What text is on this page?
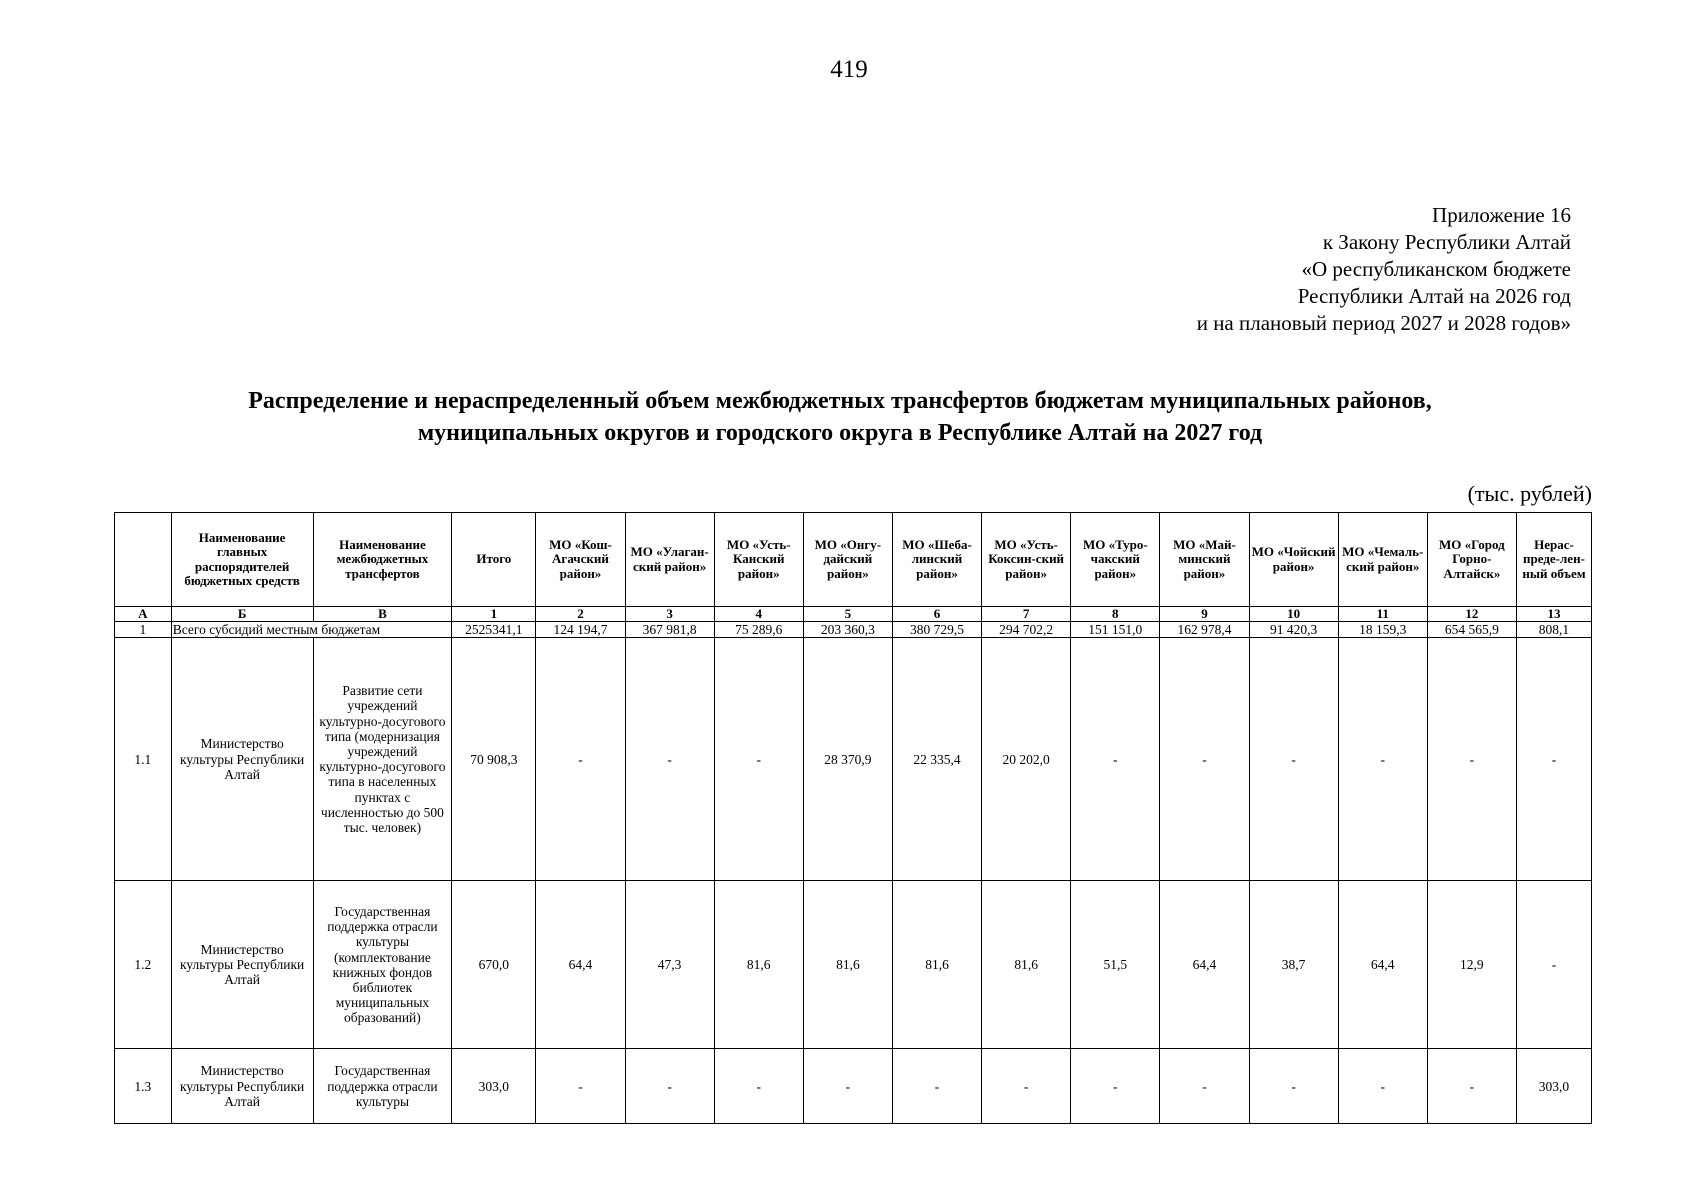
419
Приложение 16
к Закону Республики Алтай
«О республиканском бюджете
Республики Алтай на 2026 год
и на плановый период 2027 и 2028 годов»
Распределение и нераспределенный объем межбюджетных трансфертов бюджетам муниципальных районов,
муниципальных округов и городского округа в Республике Алтай на 2027 год
(тыс. рублей)
	Наименование главных распорядителей бюджетных средств	Наименование межбюджетных трансфертов	Итого	МО «Кош-Агачский район»	МО «Улаган-ский район»	МО «Усть-Канский район»	МО «Онгу-дайский район»	МО «Шеба-линский район»	МО «Усть-Коксин-ский район»	МО «Туро-чакский район»	МО «Май-минский район»	МО «Чойский район»	МО «Чемаль-ский район»	МО «Город Горно-Алтайск»	Нерас-преде-лен-ный объем
А	Б	В	1	2	3	4	5	6	7	8	9	10	11	12	13
1	Всего субсидий местным бюджетам		2525341,1	124 194,7	367 981,8	75 289,6	203 360,3	380 729,5	294 702,2	151 151,0	162 978,4	91 420,3	18 159,3	654 565,9	808,1
1.1	Министерство культуры Республики Алтай	Развитие сети учреждений культурно-досугового типа (модернизация учреждений культурно-досугового типа в населенных пунктах с численностью до 500 тыс. человек)	70 908,3	-	-	-	28 370,9	22 335,4	20 202,0	-	-	-	-	-	-
1.2	Министерство культуры Республики Алтай	Государственная поддержка отрасли культуры (комплектование книжных фондов библиотек муниципальных образований)	670,0	64,4	47,3	81,6	81,6	81,6	81,6	51,5	64,4	38,7	64,4	12,9	-
1.3	Министерство культуры Республики Алтай	Государственная поддержка отрасли культуры	303,0	-	-	-	-	-	-	-	-	-	-	-	303,0
